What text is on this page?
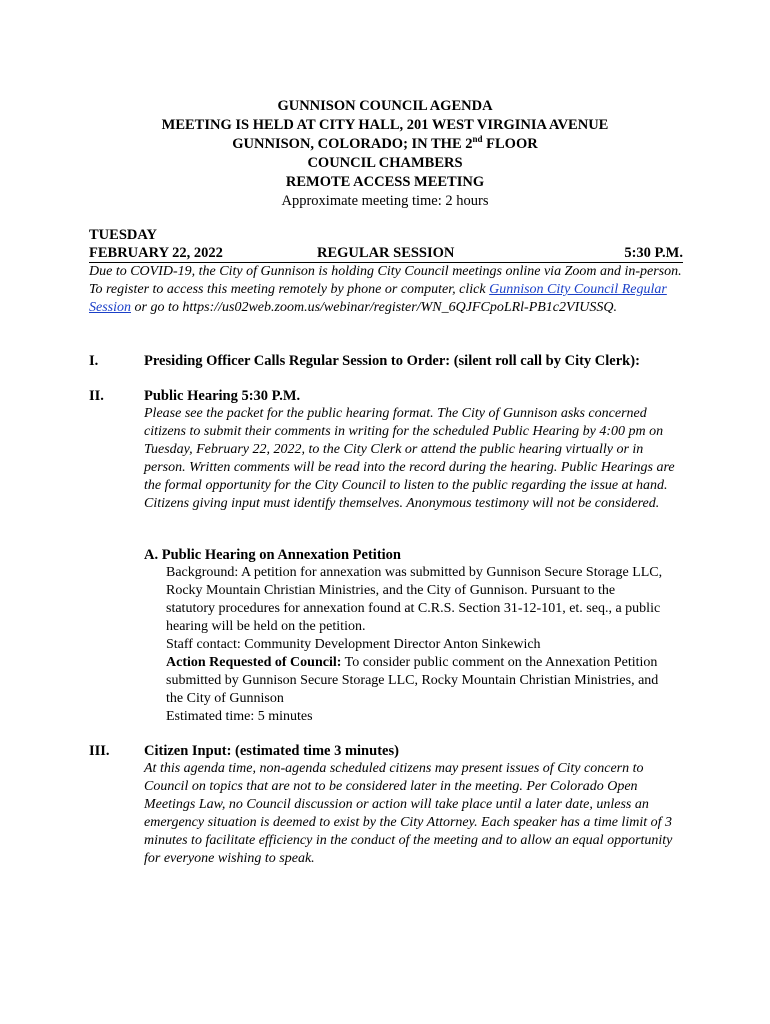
GUNNISON COUNCIL AGENDA
MEETING IS HELD AT CITY HALL, 201 WEST VIRGINIA AVENUE
GUNNISON, COLORADO; IN THE 2nd FLOOR
COUNCIL CHAMBERS
REMOTE ACCESS MEETING
Approximate meeting time: 2 hours
TUESDAY
FEBRUARY 22, 2022	REGULAR SESSION	5:30 P.M.
Due to COVID-19, the City of Gunnison is holding City Council meetings online via Zoom and in-person. To register to access this meeting remotely by phone or computer, click Gunnison City Council Regular Session or go to https://us02web.zoom.us/webinar/register/WN_6QJFCpoLRl-PB1c2VIUSSQ.
I.	Presiding Officer Calls Regular Session to Order: (silent roll call by City Clerk):
II.	Public Hearing 5:30 P.M.
Please see the packet for the public hearing format. The City of Gunnison asks concerned citizens to submit their comments in writing for the scheduled Public Hearing by 4:00 pm on Tuesday, February 22, 2022, to the City Clerk or attend the public hearing virtually or in person. Written comments will be read into the record during the hearing. Public Hearings are the formal opportunity for the City Council to listen to the public regarding the issue at hand. Citizens giving input must identify themselves. Anonymous testimony will not be considered.
A. Public Hearing on Annexation Petition
Background: A petition for annexation was submitted by Gunnison Secure Storage LLC, Rocky Mountain Christian Ministries, and the City of Gunnison. Pursuant to the statutory procedures for annexation found at C.R.S. Section 31-12-101, et. seq., a public hearing will be held on the petition.
Staff contact: Community Development Director Anton Sinkewich
Action Requested of Council: To consider public comment on the Annexation Petition submitted by Gunnison Secure Storage LLC, Rocky Mountain Christian Ministries, and the City of Gunnison
Estimated time: 5 minutes
III. Citizen Input: (estimated time 3 minutes)
At this agenda time, non-agenda scheduled citizens may present issues of City concern to Council on topics that are not to be considered later in the meeting. Per Colorado Open Meetings Law, no Council discussion or action will take place until a later date, unless an emergency situation is deemed to exist by the City Attorney. Each speaker has a time limit of 3 minutes to facilitate efficiency in the conduct of the meeting and to allow an equal opportunity for everyone wishing to speak.
